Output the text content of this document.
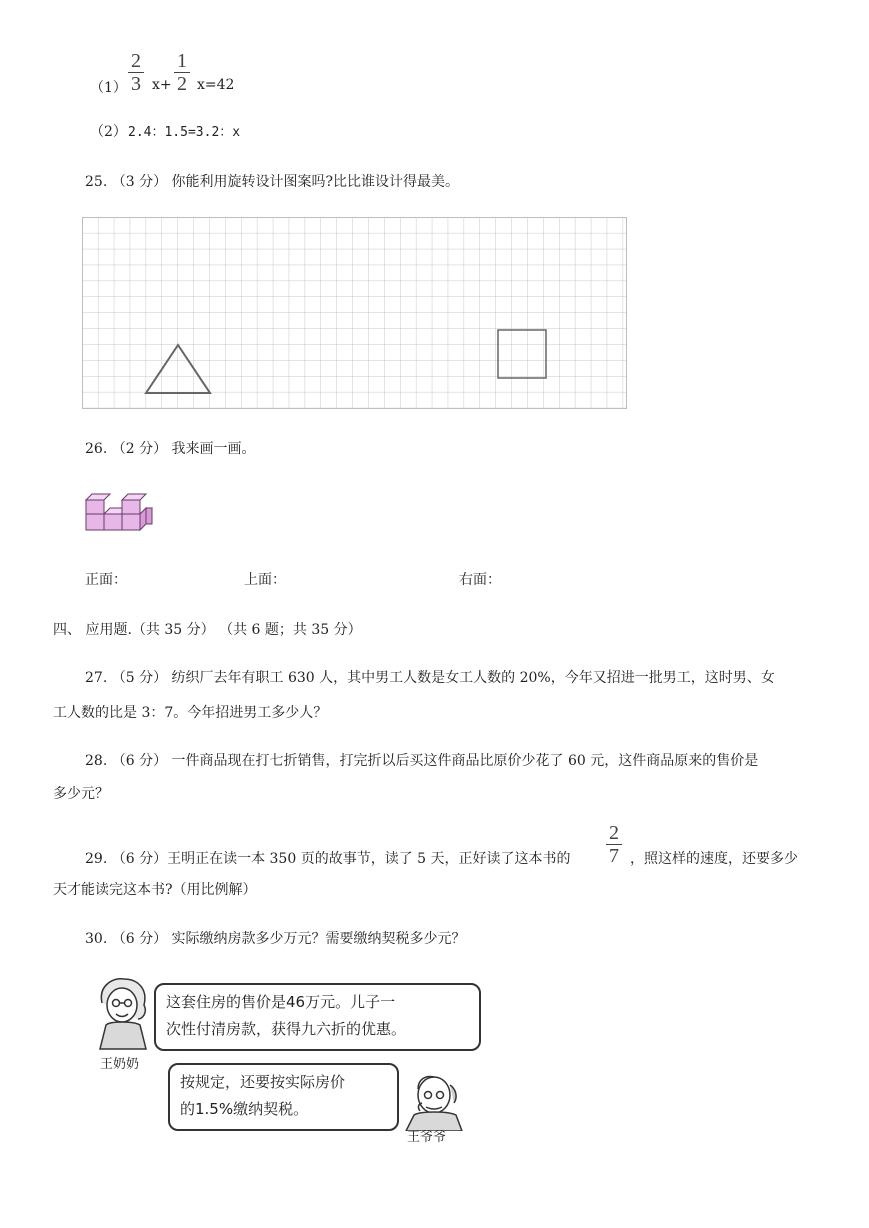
（1）
2
3 x+
1
2 x=42
（2） 2.4：1.5=3.2：x
25. （3 分） 你能利用旋转设计图案吗?比比谁设计得最美。
26. （2 分） 我来画一画。
正面：	上面：	右面：
四、 应用题.（共 35 分） （共 6 题；共 35 分）
27. （5 分） 纺织厂去年有职工 630 人，其中男工人数是女工人数的 20%，今年又招进一批男工，这时男、女
工人数的比是 3：7。今年招进男工多少人？
28. （6 分） 一件商品现在打七折销售，打完折以后买这件商品比原价少花了 60 元，这件商品原来的售价是
多少元？
29. （6 分）王明正在读一本 350 页的故事节，读了 5 天，正好读了这本书的
2
7 ，照这样的速度，还要多少
天才能读完这本书?（用比例解）
30. （6 分） 实际缴纳房款多少万元？需要缴纳契税多少元？
这套住房的售价是46万元。儿子一
次性付清房款，获得九六折的优惠。
王奶奶
按规定，还要按实际房价
的1.5%缴纳契税。
王爷爷
